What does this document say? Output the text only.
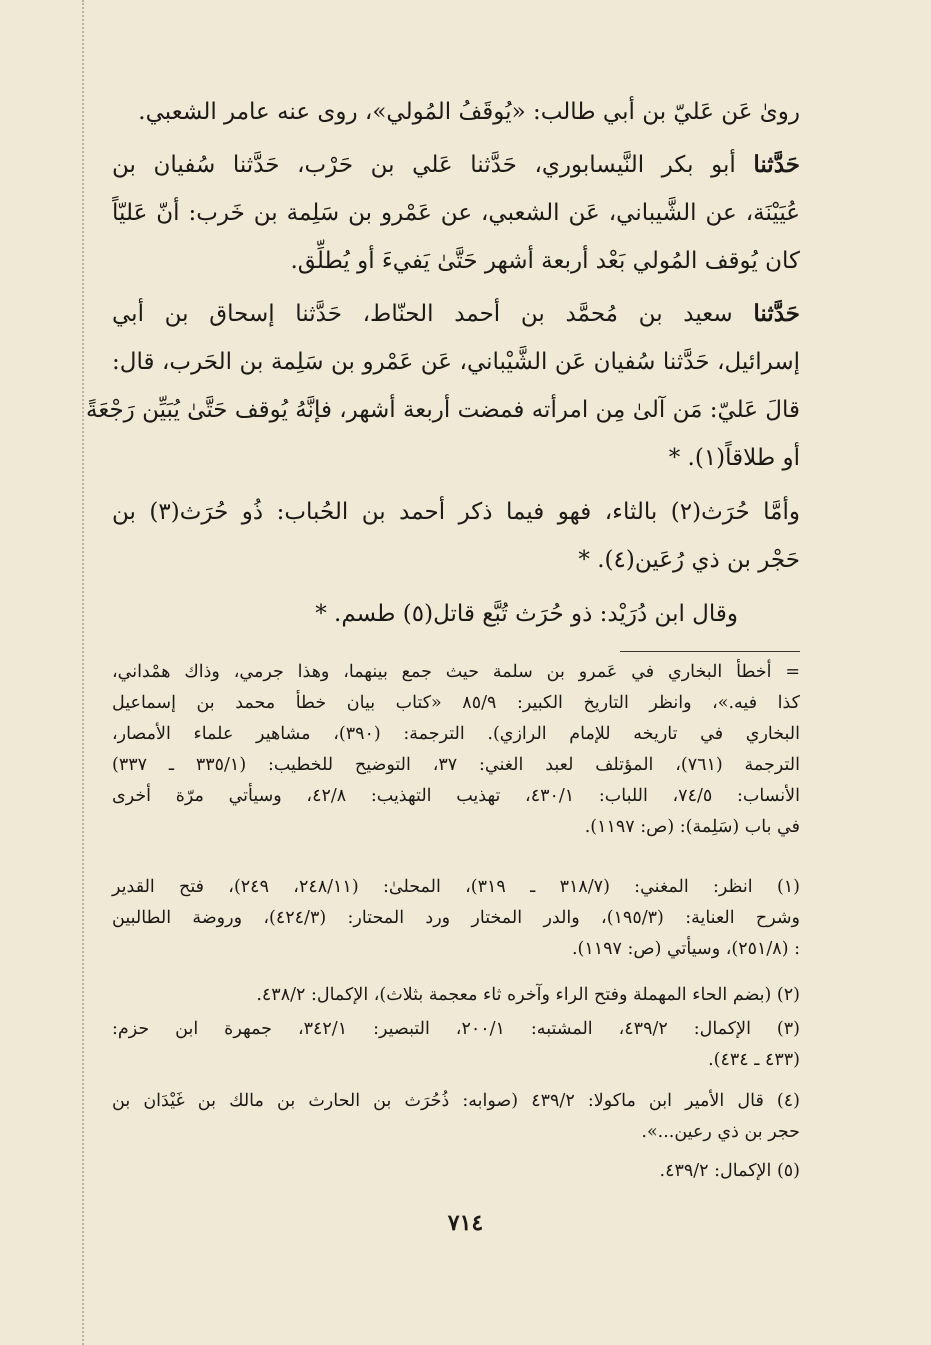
روىٰ عَن عَليّ بن أبي طالب: «يُوقَفُ المُولي»، روى عنه عامر الشعبي.
حَدَّثنا أبو بكر النَّيسابوري، حَدَّثنا عَلي بن حَرْب، حَدَّثنا سُفيان بن
عُيَيْنَة، عن الشَّيباني، عَن الشعبي، عن عَمْرو بن سَلِمة بن خَرب: أنّ عَليّاً
كان يُوقف المُولي بَعْد أربعة أشهر حَتَّىٰ يَفيءَ أو يُطلِّق.
حَدَّثنا سعيد بن مُحمَّد بن أحمد الحنّاط، حَدَّثنا إسحاق بن أبي
إسرائيل، حَدَّثنا سُفيان عَن الشَّيْباني، عَن عَمْرو بن سَلِمة بن الحَرب، قال:
قالَ عَليّ: مَن آلىٰ مِن امرأته فمضت أربعة أشهر، فإنَّهُ يُوقف حَتَّىٰ يُبَيِّن رَجْعَةً
أو طلاقاً(١). *
وأمَّا حُرَث(٢) بالثاء، فهو فيما ذكر أحمد بن الحُباب: ذُو حُرَث(٣) بن
حَجْر بن ذي رُعَين(٤). *
وقال ابن دُرَيْد: ذو حُرَث تُبَّع قاتل(٥) طسم. *
= أخطأ البخاري في عَمرو بن سلمة حيث جمع بينهما، وهذا جرمي، وذاك همْداني،
كذا فيه.»، وانظر التاريخ الكبير: ٨٥/٩ «كتاب بيان خطأ محمد بن إسماعيل
البخاري في تاريخه للإمام الرازي). الترجمة: (٣٩٠)، مشاهير علماء الأمصار،
الترجمة (٧٦١)، المؤتلف لعبد الغني: ٣٧، التوضيح للخطيب: (٣٣٥/١ ـ ٣٣٧)
الأنساب: ٧٤/٥، اللباب: ٤٣٠/١، تهذيب التهذيب: ٤٢/٨، وسيأتي مرّة أخرى
في باب (سَلِمة): (ص: ١١٩٧).
(١) انظر: المغني: (٣١٨/٧ ـ ٣١٩)، المحلىٰ: (٢٤٨/١١، ٢٤٩)، فتح القدير
وشرح العناية: (١٩٥/٣)، والدر المختار ورد المحتار: (٤٢٤/٣)، وروضة الطالبين
: (٢٥١/٨)، وسيأتي (ص: ١١٩٧).
(٢) (بضم الحاء المهملة وفتح الراء وآخره ثاء معجمة بثلاث)، الإكمال: ٤٣٨/٢.
(٣) الإكمال: ٤٣٩/٢، المشتبه: ٢٠٠/١، التبصير: ٣٤٢/١، جمهرة ابن حزم:
(٤٣٣ ـ ٤٣٤).
(٤) قال الأمير ابن ماكولا: ٤٣٩/٢ (صوابه: ذُحُرَث بن الحارث بن مالك بن غَيْدَان بن
حجر بن ذي رعين...».
(٥) الإكمال: ٤٣٩/٢.
٧١٤
